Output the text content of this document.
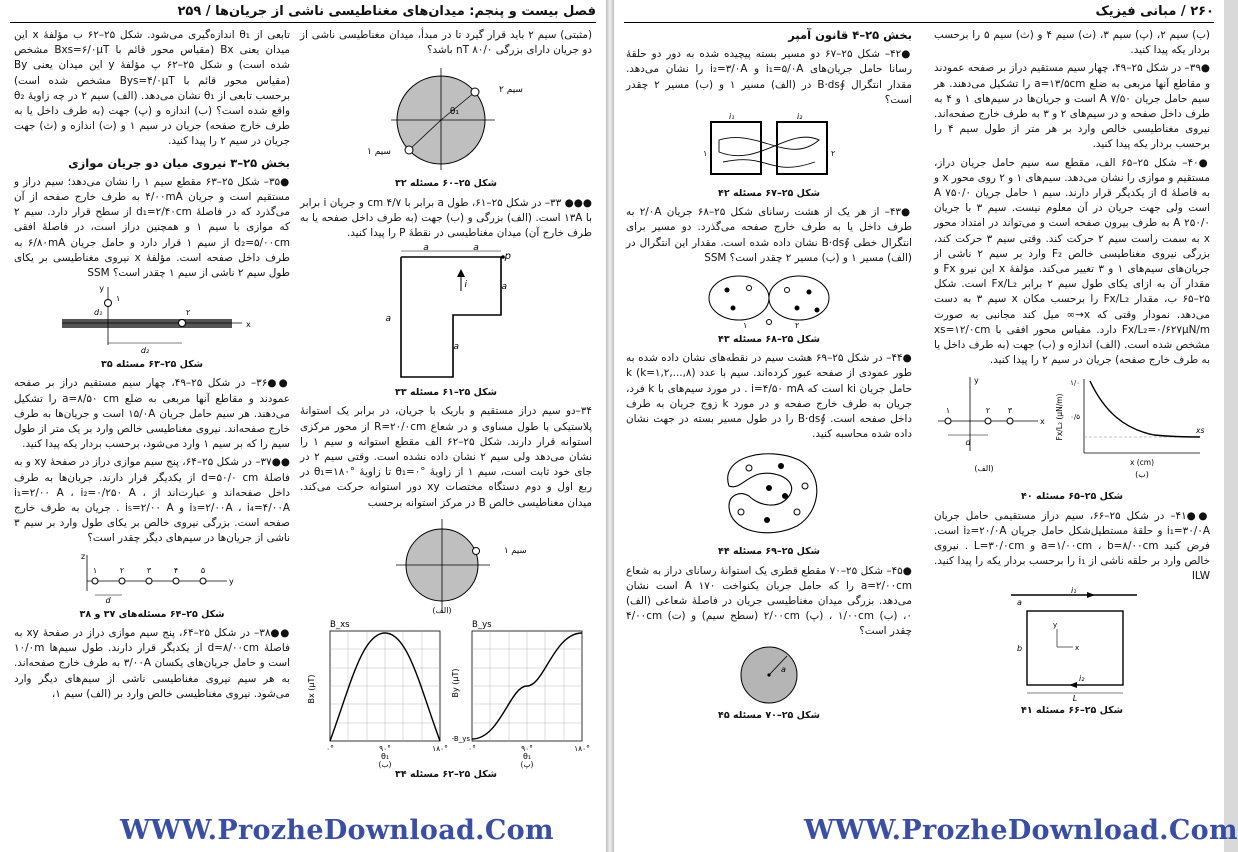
فصل بیست و پنجم: میدان‌های مغناطیسی ناشی از جریان‌ها / ۲۵۹

(مثبتی) سیم ۲ باید قرار گیرد تا در مبدأ، میدان مغناطیسی ناشی از دو جریان دارای بزرگی ۸۰/۰ nT باشد؟

سیم ۲
سیم ۱
θ₁
شکل ۲۵–۶۰ مسئله ۳۲

●●● ۳۳– در شکل ۲۵–۶۱، طول a برابر با ۴/۷ cm و جریان i برابر با ۱۳A است. (الف) بزرگی و (ب) جهت (به طرف داخل صفحه یا به طرف خارج آن) میدان مغناطیسی در نقطهٔ P را پیدا کنید.

a	a
p
i
a
a
a
شکل ۲۵–۶۱ مسئله ۳۳

۳۴–دو سیم دراز مستقیم و باریک با جریان، در برابر یک استوانهٔ پلاستیکی با طول مساوی و در شعاع R=۲۰/۰cm از محور مرکزی استوانه قرار دارند. شکل ۲۵–۶۲ الف مقطع استوانه و سیم ۱ را نشان می‌دهد ولی سیم ۲ نشان داده نشده است. وقتی سیم ۲ در جای خود ثابت است، سیم ۱ از زاویهٔ θ₁=۰° تا زاویهٔ θ₁=۱۸۰° در ربع اول و دوم دستگاه مختصات xy دور استوانه حرکت می‌کند. میدان مغناطیسی خالص B در مرکز استوانه برحسب

سیم ۱
(الف)
B_xs
Bx (μT)
۰°	۹۰°	۱۸۰°
θ₁
(ب)
B_ys
By (μT)
-B_ys
۰°	۹۰°	۱۸۰°
θ₁
(پ)
شکل ۲۵–۶۲ مسئله ۳۴

تابعی از θ₁ اندازه‌گیری می‌شود. شکل ۲۵–۶۲ ب مؤلفهٔ x این میدان یعنی Bx (مقیاس محور قائم با Bxs=۶/۰μT مشخص شده است) و شکل ۲۵–۶۲ پ مؤلفهٔ y این میدان یعنی By (مقیاس محور قائم با Bys=۴/۰μT مشخص شده است) برحسب تابعی از θ₁ نشان می‌دهد. (الف) سیم ۲ در چه زاویهٔ θ₂ واقع شده است؟ (ب) اندازه و (پ) جهت (به طرف داخل یا به طرف خارج صفحه) جریان در سیم ۱ و (ت) اندازه و (ث) جهت جریان در سیم ۲ را پیدا کنید.

بخش ۲۵–۳ نیروی میان دو جریان موازی

●۳۵– شکل ۲۵–۶۳ مقطع سیم ۱ را نشان می‌دهد؛ سیم دراز و مستقیم است و جریان ۴/۰۰mA به طرف خارج صفحه از آن می‌گذرد که در فاصلهٔ d₁=۲/۴۰cm از سطح قرار دارد. سیم ۲ که موازی با سیم ۱ و همچنین دراز است، در فاصلهٔ افقی d₂=۵/۰۰cm از سیم ۱ قرار دارد و حامل جریان ۶/۸۰mA به طرف داخل صفحه است. مؤلفهٔ x نیروی مغناطیسی بر یکای طول سیم ۲ ناشی از سیم ۱ چقدر است؟ SSM

y
x
d₁
d₂
۱
۲
شکل ۲۵–۶۳ مسئله ۳۵

●●۳۶– در شکل ۲۵–۴۹، چهار سیم مستقیم دراز بر صفحه عمودند و مقاطع آنها مربعی به ضلع a=۸/۵۰ cm را تشکیل می‌دهند. هر سیم حامل جریان ۱۵/۰A است و جریان‌ها به طرف خارج صفحه‌اند. نیروی مغناطیسی خالص وارد بر یک متر از طول سیم را که بر سیم ۱ وارد می‌شود، برحسب بردار یکه پیدا کنید.

●●۳۷– در شکل ۲۵–۶۴، پنج سیم موازی دراز در صفحهٔ xy و به فاصلهٔ d=۵۰/۰ cm از یکدیگر قرار دارند. جریان‌ها به طرف داخل صفحه‌اند و عبارت‌اند از i₁=۲/۰۰ A ، i₂=۰/۲۵۰ A ، i₃=۲/۰۰A ، i₄=۴/۰۰A و i₅=۲/۰۰ A . جریان به طرف خارج صفحه است. بزرگی نیروی خالص بر یکای طول وارد بر سیم ۳ ناشی از جریان‌ها در سیم‌های دیگر چقدر است؟

z
y
۱	۲	۳	۴	۵
d
شکل ۲۵–۶۴ مسئله‌های ۳۷ و ۳۸

●●۳۸– در شکل ۲۵–۶۴، پنج سیم موازی دراز در صفحهٔ xy به فاصلهٔ d=۸/۰۰cm از یکدیگر قرار دارند. طول سیم‌ها ۱۰/۰m است و حامل جریان‌های یکسان ۳/۰۰A به طرف خارج صفحه‌اند. به هر سیم نیروی مغناطیسی ناشی از سیم‌های دیگر وارد می‌شود. نیروی مغناطیسی خالص وارد بر (الف) سیم ۱،

WWW.ProzheDownload.Com
۲۶۰ / مبانی فیزیک

(ب) سیم ۲، (پ) سیم ۳، (ت) سیم ۴ و (ث) سیم ۵ را برحسب بردار یکه پیدا کنید.

●۳۹– در شکل ۲۵–۴۹، چهار سیم مستقیم دراز بر صفحه عمودند و مقاطع آنها مربعی به ضلع a=۱۳/۵cm را تشکیل می‌دهند. هر سیم حامل جریان ۷/۵۰ A است و جریان‌ها در سیم‌های ۱ و ۴ به طرف داخل صفحه و در سیم‌های ۲ و ۳ به طرف خارج صفحه‌اند. نیروی مغناطیسی خالص وارد بر هر متر از طول سیم ۴ را برحسب بردار یکه پیدا کنید.

●۴۰– شکل ۲۵–۶۵ الف، مقطع سه سیم حامل جریان دراز، مستقیم و موازی را نشان می‌دهد. سیم‌های ۱ و ۲ روی محور x و به فاصلهٔ d از یکدیگر قرار دارند. سیم ۱ حامل جریان ۷۵۰/۰ A است ولی جهت جریان در آن معلوم نیست. سیم ۳ با جریان ۲۵۰/۰ A به طرف بیرون صفحه است و می‌تواند در امتداد محور x به سمت راست سیم ۲ حرکت کند. وقتی سیم ۳ حرکت کند، بزرگی نیروی مغناطیسی خالص F₂ وارد بر سیم ۲ ناشی از جریان‌های سیم‌های ۱ و ۳ تغییر می‌کند. مؤلفهٔ x این نیرو Fx و مقدار آن به ازای یکای طول سیم ۲ برابر Fx/L₂ است. شکل ۲۵–۶۵ ب، مقدار Fx/L₂ را برحسب مکان x سیم ۳ به دست می‌دهد. نمودار وقتی که x→∞ میل کند مجانبی به صورت Fx/L₂=۰/۶۲۷μN/m دارد. مقیاس محور افقی با xs=۱۲/۰cm مشخص شده است. (الف) اندازه و (ب) جهت (به طرف داخل یا به طرف خارج صفحه) جریان در سیم ۲ را پیدا کنید.

y
x
۱	۲ ۳
d
(الف)
۱/۰
۰/۵
Fx/L₂ (μN/m)	xs
x (cm)
(ب)
شکل ۲۵–۶۵ مسئله ۴۰

●●۴۱– در شکل ۲۵–۶۶، سیم دراز مستقیمی حامل جریان i₁=۳۰/۰A و حلقهٔ مستطیل‌شکل حامل جریان i₂=۲۰/۰A است. فرض کنید a=۱/۰۰cm ، b=۸/۰۰cm و L=۳۰/۰cm . نیروی خالص وارد بر حلقه ناشی از i₁ را برحسب بردار یکه را پیدا کنید. ILW

i₁
i₂
a
b
L
x
y
شکل ۲۵–۶۶ مسئله ۴۱
بخش ۲۵–۴ قانون آمپر

●۴۲– شکل ۲۵–۶۷ دو مسیر بسته پیچیده شده به دور دو حلقهٔ رسانا حامل جریان‌های i₁=۵/۰A و i₂=۳/۰A را نشان می‌دهد. مقدار انتگرال ∮B·ds در (الف) مسیر ۱ و (ب) مسیر ۲ چقدر است؟

i₁	i₂
۱	۲
شکل ۲۵–۶۷ مسئله ۴۲

●۴۳– از هر یک از هشت رسانای شکل ۲۵–۶۸ جریان ۲/۰A به طرف داخل یا به طرف خارج صفحه می‌گذرد. دو مسیر برای انتگرال خطی ∮B·ds نشان داده شده است. مقدار این انتگرال در (الف) مسیر ۱ و (ب) مسیر ۲ چقدر است؟ SSM

۱	۲
شکل ۲۵–۶۸ مسئله ۴۳

●۴۴– در شکل ۲۵–۶۹ هشت سیم در نقطه‌های نشان داده شده به طور عمودی از صفحه عبور کرده‌اند. سیم با عدد k (k=۱,۲,...,۸) حامل جریان ki است که i=۴/۵۰ mA . در مورد سیم‌های با k فرد، جریان به طرف خارج صفحه و در مورد k زوج جریان به طرف داخل صفحه است. ∮B·ds را در طول مسیر بسته در جهت نشان داده شده محاسبه کنید.

شکل ۲۵–۶۹ مسئله ۴۴

●۴۵– شکل ۲۵–۷۰ مقطع قطری یک استوانهٔ رسانای دراز به شعاع a=۲/۰۰cm را که حامل جریان یکنواخت ۱۷۰ A است نشان می‌دهد. بزرگی میدان مغناطیسی جریان در فاصلهٔ شعاعی (الف) ۰، (ب) ۱/۰۰cm ، (پ) ۲/۰۰cm (سطح سیم) و (ت) ۴/۰۰cm چقدر است؟

a
شکل ۲۵–۷۰ مسئله ۴۵
WWW.ProzheDownload.Com
